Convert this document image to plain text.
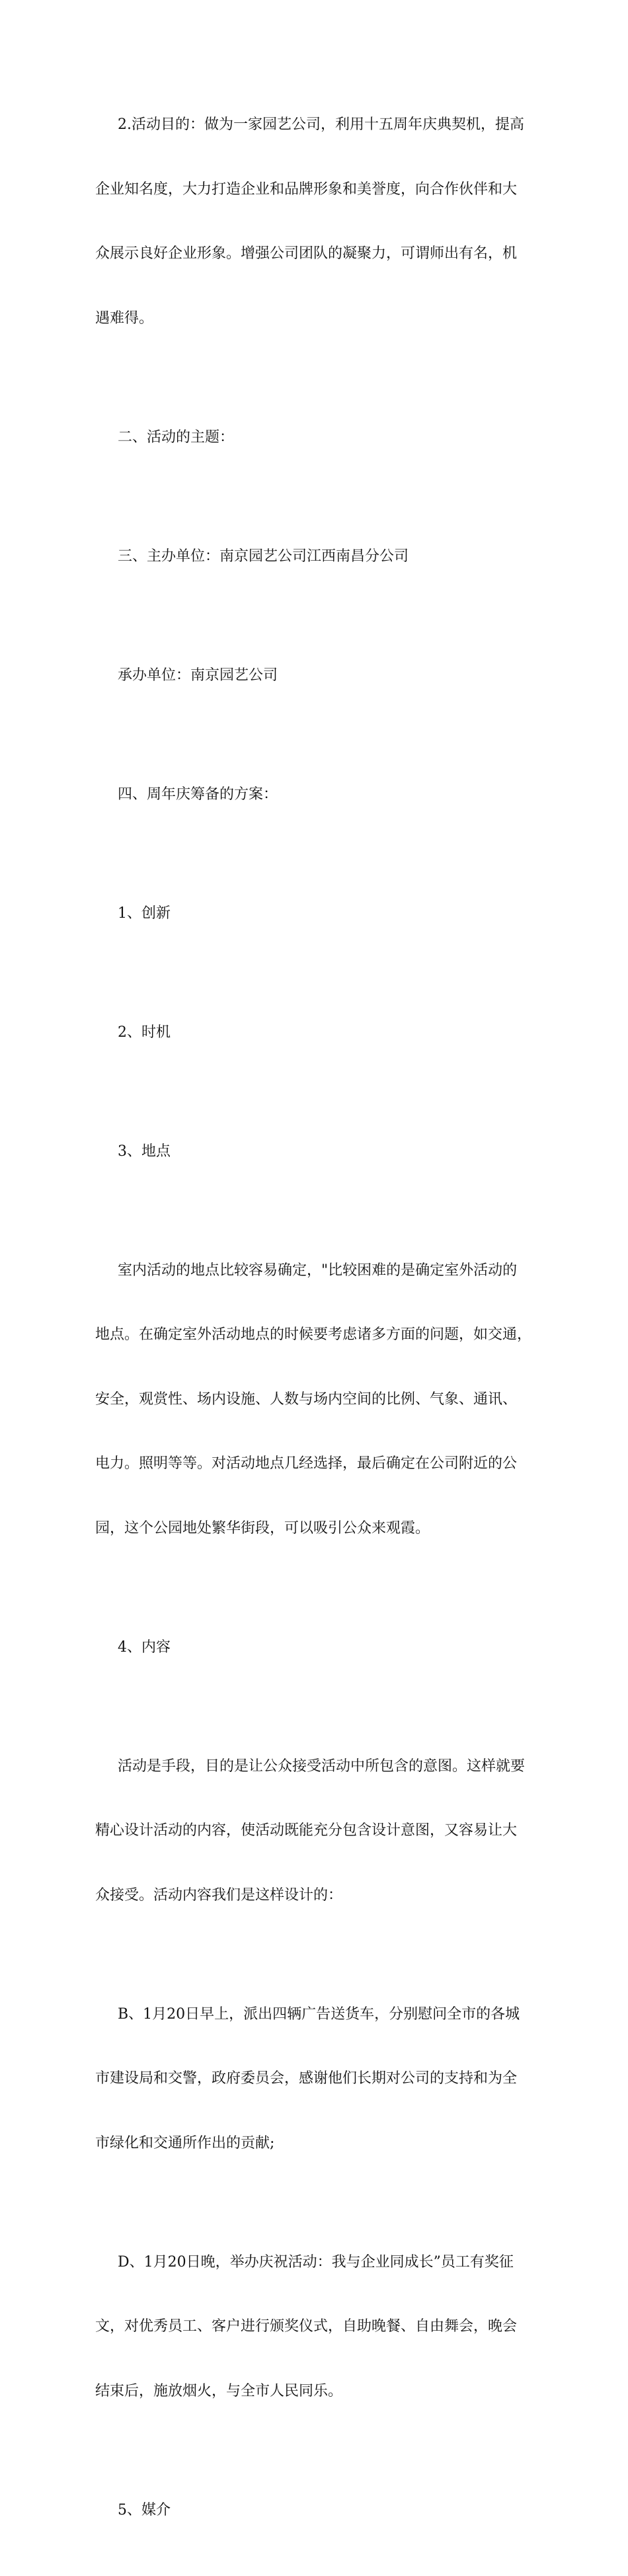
2.活动目的：做为一家园艺公司，利用十五周年庆典契机，提高

企业知名度，大力打造企业和品牌形象和美誉度，向合作伙伴和大

众展示良好企业形象。增强公司团队的凝聚力，可谓师出有名，机

遇难得。

二、活动的主题：

三、主办单位：南京园艺公司江西南昌分公司

承办单位：南京园艺公司

四、周年庆筹备的方案：

1、创新

2、时机

3、地点

室内活动的地点比较容易确定，"比较困难的是确定室外活动的

地点。在确定室外活动地点的时候要考虑诸多方面的问题，如交通，

安全，观赏性、场内设施、人数与场内空间的比例、气象、通讯、

电力。照明等等。对活动地点几经选择，最后确定在公司附近的公

园，这个公园地处繁华街段，可以吸引公众来观霞。

4、内容

活动是手段，目的是让公众接受活动中所包含的意图。这样就要

精心设计活动的内容，使活动既能充分包含设计意图，又容易让大

众接受。活动内容我们是这样设计的：

B、1月20日早上，派出四辆广告送货车，分别慰问全市的各城

市建设局和交警，政府委员会，感谢他们长期对公司的支持和为全

市绿化和交通所作出的贡献;

D、1月20日晚，举办庆祝活动：我与企业同成长”员工有奖征

文，对优秀员工、客户进行颁奖仪式，自助晚餐、自由舞会，晚会

结束后，施放烟火，与全市人民同乐。

5、媒介
